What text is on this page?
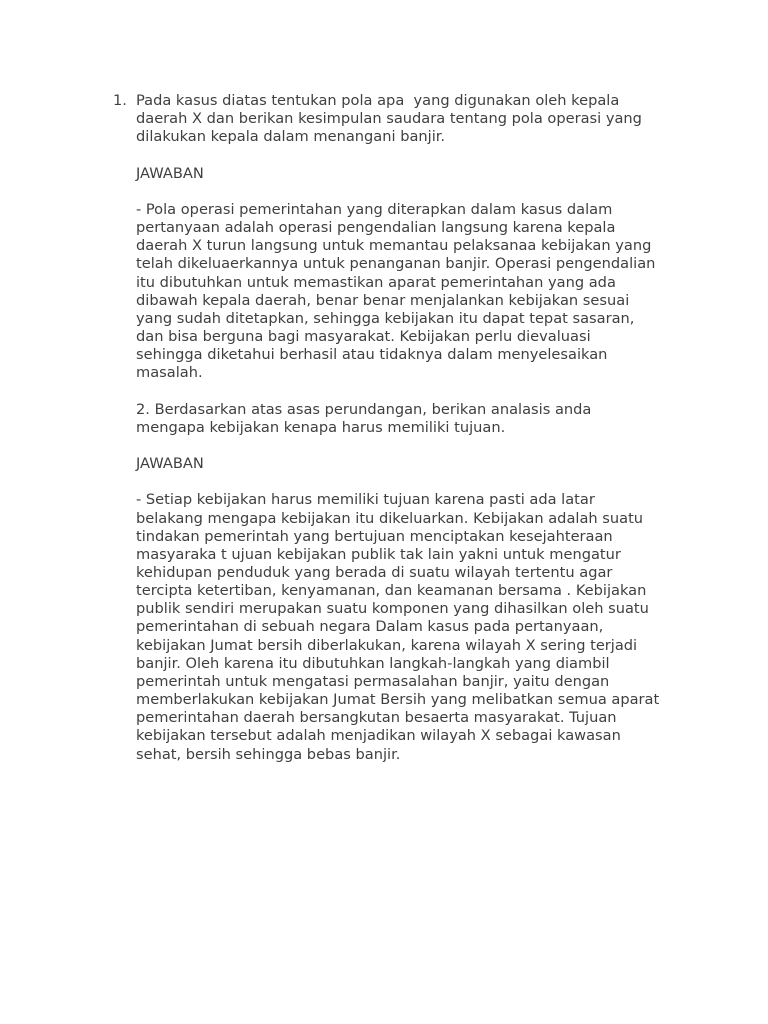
1. Pada kasus diatas tentukan pola apa  yang digunakan oleh kepala
daerah X dan berikan kesimpulan saudara tentang pola operasi yang
dilakukan kepala dalam menangani banjir.
JAWABAN
- Pola operasi pemerintahan yang diterapkan dalam kasus dalam
pertanyaan adalah operasi pengendalian langsung karena kepala
daerah X turun langsung untuk memantau pelaksanaa kebijakan yang
telah dikeluaerkannya untuk penanganan banjir. Operasi pengendalian
itu dibutuhkan untuk memastikan aparat pemerintahan yang ada
dibawah kepala daerah, benar benar menjalankan kebijakan sesuai
yang sudah ditetapkan, sehingga kebijakan itu dapat tepat sasaran,
dan bisa berguna bagi masyarakat. Kebijakan perlu dievaluasi
sehingga diketahui berhasil atau tidaknya dalam menyelesaikan
masalah.
2. Berdasarkan atas asas perundangan, berikan analasis anda
mengapa kebijakan kenapa harus memiliki tujuan.
JAWABAN
- Setiap kebijakan harus memiliki tujuan karena pasti ada latar
belakang mengapa kebijakan itu dikeluarkan. Kebijakan adalah suatu
tindakan pemerintah yang bertujuan menciptakan kesejahteraan
masyaraka t ujuan kebijakan publik tak lain yakni untuk mengatur
kehidupan penduduk yang berada di suatu wilayah tertentu agar
tercipta ketertiban, kenyamanan, dan keamanan bersama . Kebijakan
publik sendiri merupakan suatu komponen yang dihasilkan oleh suatu
pemerintahan di sebuah negara Dalam kasus pada pertanyaan,
kebijakan Jumat bersih diberlakukan, karena wilayah X sering terjadi
banjir. Oleh karena itu dibutuhkan langkah-langkah yang diambil
pemerintah untuk mengatasi permasalahan banjir, yaitu dengan
memberlakukan kebijakan Jumat Bersih yang melibatkan semua aparat
pemerintahan daerah bersangkutan besaerta masyarakat. Tujuan
kebijakan tersebut adalah menjadikan wilayah X sebagai kawasan
sehat, bersih sehingga bebas banjir.
